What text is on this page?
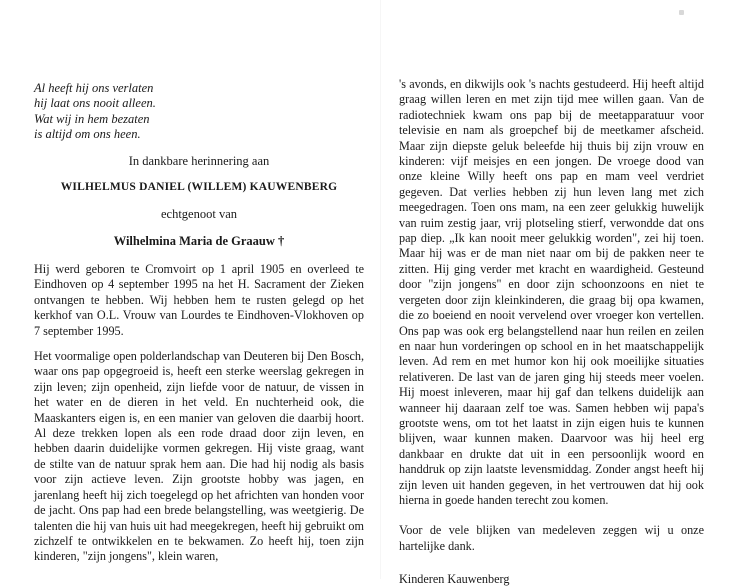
Al heeft hij ons verlaten
hij laat ons nooit alleen.
Wat wij in hem bezaten
is altijd om ons heen.
In dankbare herinnering aan
WILHELMUS DANIEL (WILLEM) KAUWENBERG
echtgenoot van
Wilhelmina Maria de Graauw †

Hij werd geboren te Cromvoirt op 1 april 1905 en overleed te Eindhoven op 4 september 1995 na het H. Sacrament der Zieken ontvangen te hebben. Wij hebben hem te rusten gelegd op het kerkhof van O.L. Vrouw van Lourdes te Eindhoven-Vlokhoven op 7 september 1995.

Het voormalige open polderlandschap van Deuteren bij Den Bosch, waar ons pap opgegroeid is, heeft een sterke weerslag gekregen in zijn leven; zijn openheid, zijn liefde voor de natuur, de vissen in het water en de dieren in het veld. En nuchterheid ook, die Maaskanters eigen is, en een manier van geloven die daarbij hoort. Al deze trekken lopen als een rode draad door zijn leven, en hebben daarin duidelijke vormen gekregen. Hij viste graag, want de stilte van de natuur sprak hem aan. Die had hij nodig als basis voor zijn actieve leven. Zijn grootste hobby was jagen, en jarenlang heeft hij zich toegelegd op het africhten van honden voor de jacht. Ons pap had een brede belangstelling, was weetgierig. De talenten die hij van huis uit had meegekregen, heeft hij gebruikt om zichzelf te ontwikkelen en te bekwamen. Zo heeft hij, toen zijn kinderen, "zijn jongens", klein waren,

's avonds, en dikwijls ook 's nachts gestudeerd. Hij heeft altijd graag willen leren en met zijn tijd mee willen gaan. Van de radiotechniek kwam ons pap bij de meetapparatuur voor televisie en nam als groepchef bij de meetkamer afscheid. Maar zijn diepste geluk beleefde hij thuis bij zijn vrouw en kinderen: vijf meisjes en een jongen. De vroege dood van onze kleine Willy heeft ons pap en mam veel verdriet gegeven. Dat verlies hebben zij hun leven lang met zich meegedragen. Toen ons mam, na een zeer gelukkig huwelijk van ruim zestig jaar, vrij plotseling stierf, verwondde dat ons pap diep. „Ik kan nooit meer gelukkig worden", zei hij toen. Maar hij was er de man niet naar om bij de pakken neer te zitten. Hij ging verder met kracht en waardigheid. Gesteund door "zijn jongens" en door zijn schoonzoons en niet te vergeten door zijn kleinkinderen, die graag bij opa kwamen, die zo boeiend en nooit vervelend over vroeger kon vertellen. Ons pap was ook erg belangstellend naar hun reilen en zeilen en naar hun vorderingen op school en in het maatschappelijk leven. Ad rem en met humor kon hij ook moeilijke situaties relativeren. De last van de jaren ging hij steeds meer voelen. Hij moest inleveren, maar hij gaf dan telkens duidelijk aan wanneer hij daaraan zelf toe was. Samen hebben wij papa's grootste wens, om tot het laatst in zijn eigen huis te kunnen blijven, waar kunnen maken. Daarvoor was hij heel erg dankbaar en drukte dat uit in een persoonlijk woord en handdruk op zijn laatste levensmiddag. Zonder angst heeft hij zijn leven uit handen gegeven, in het vertrouwen dat hij ook hierna in goede handen terecht zou komen.

Voor de vele blijken van medeleven zeggen wij u onze hartelijke dank.

Kinderen Kauwenberg
